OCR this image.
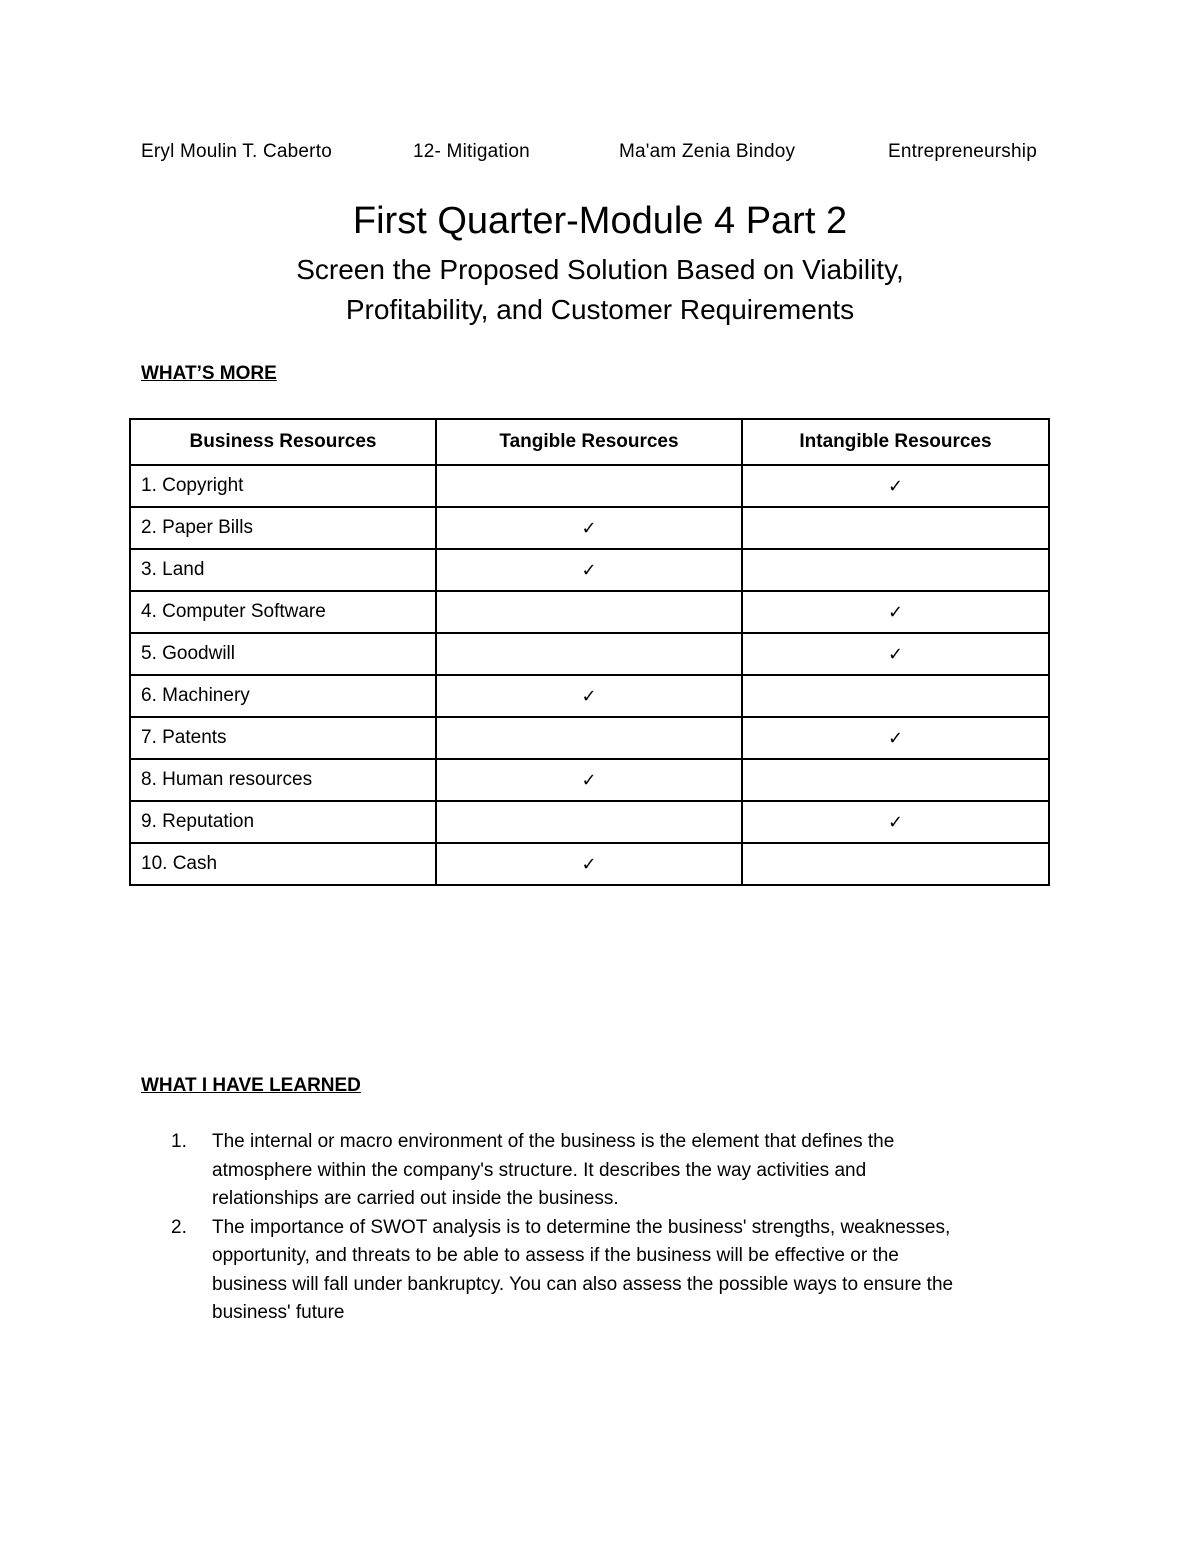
Eryl Moulin T. Caberto	12- Mitigation	Ma'am Zenia Bindoy	Entrepreneurship
First Quarter-Module 4 Part 2
Screen the Proposed Solution Based on Viability,
Profitability, and Customer Requirements
WHAT’S MORE
Business Resources	Tangible Resources	Intangible Resources
1. Copyright		✓
2. Paper Bills	✓	
3. Land	✓	
4. Computer Software		✓
5. Goodwill		✓
6. Machinery	✓	
7. Patents		✓
8. Human resources	✓	
9. Reputation		✓
10. Cash	✓	
WHAT I HAVE LEARNED
1. The internal or macro environment of the business is the element that defines the
atmosphere within the company's structure. It describes the way activities and
relationships are carried out inside the business.
2. The importance of SWOT analysis is to determine the business' strengths, weaknesses,
opportunity, and threats to be able to assess if the business will be effective or the
business will fall under bankruptcy. You can also assess the possible ways to ensure the
business' future
